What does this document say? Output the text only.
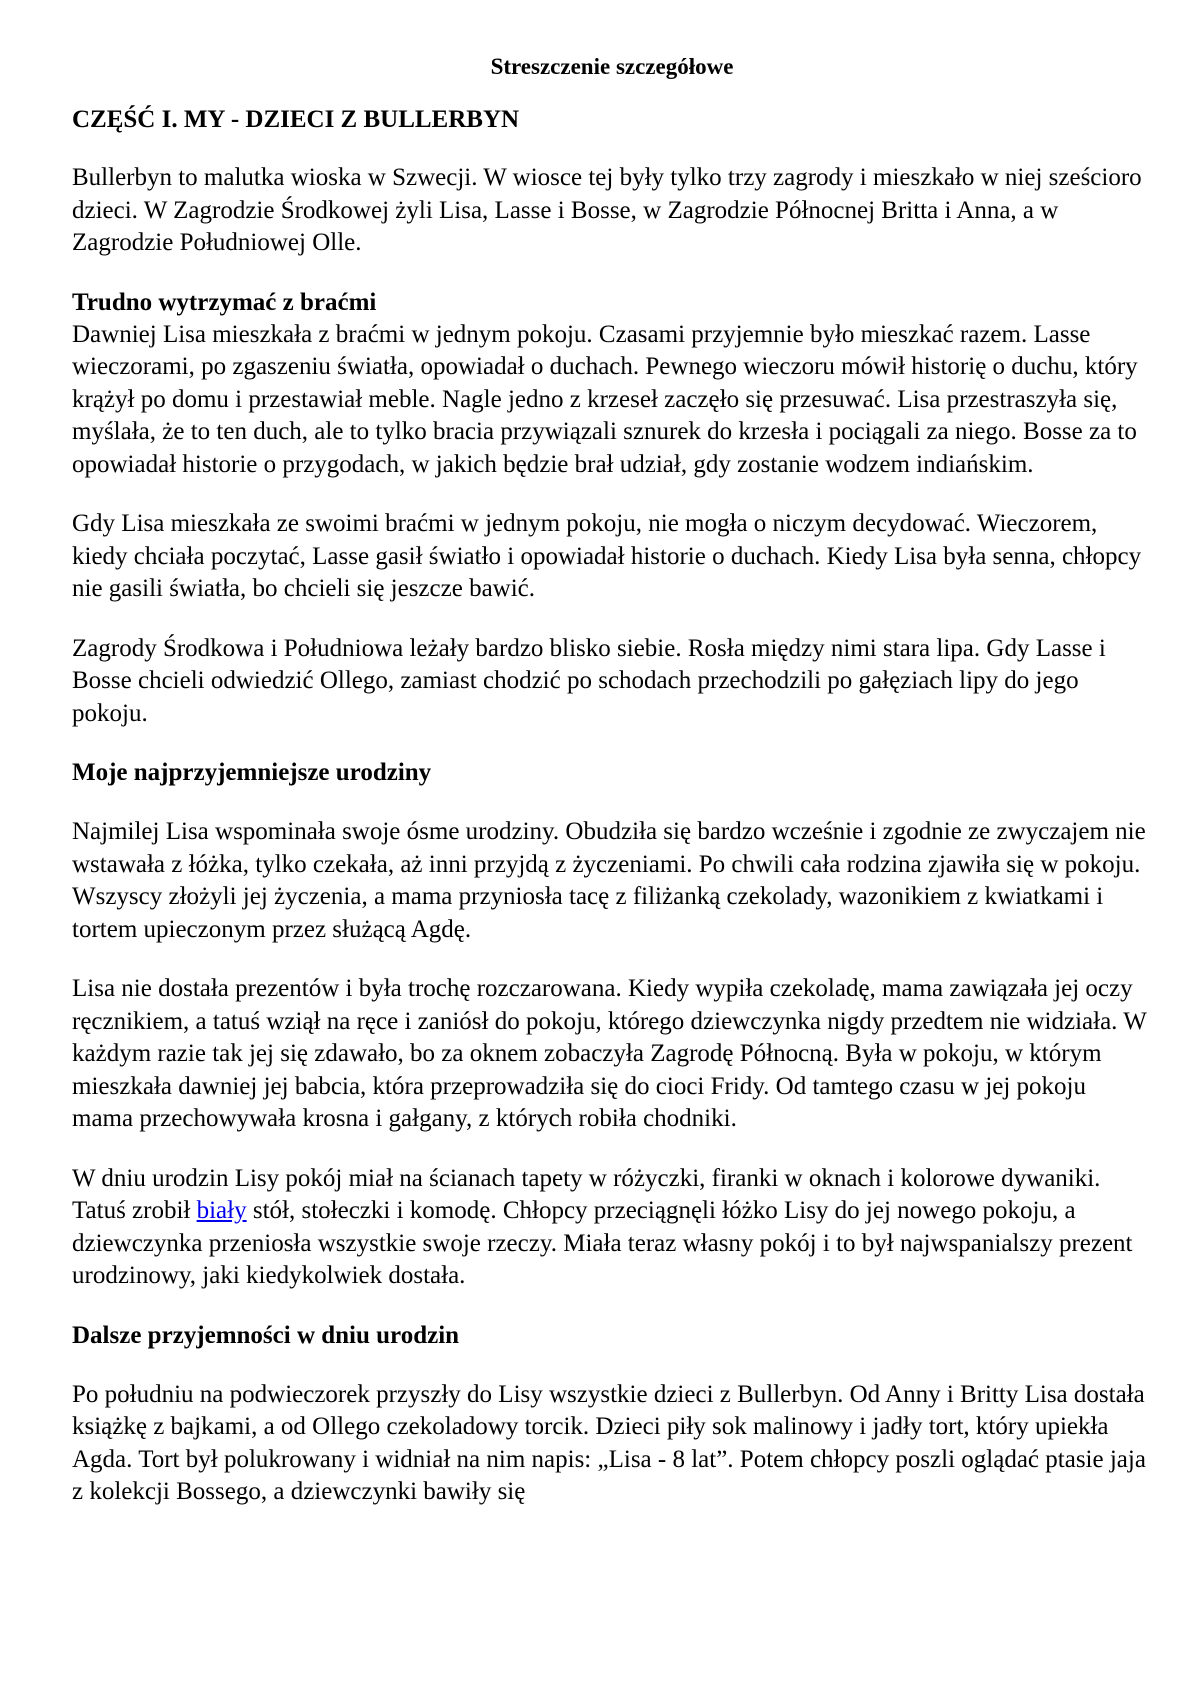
Streszczenie szczegółowe
CZĘŚĆ I. MY - DZIECI Z BULLERBYN

Bullerbyn to malutka wioska w Szwecji. W wiosce tej były tylko trzy zagrody i mieszkało w niej sześcioro dzieci. W Zagrodzie Środkowej żyli Lisa, Lasse i Bosse, w Zagrodzie Północnej Britta i Anna, a w Zagrodzie Południowej Olle.

Trudno wytrzymać z braćmi

Dawniej Lisa mieszkała z braćmi w jednym pokoju. Czasami przyjemnie było mieszkać razem. Lasse wieczorami, po zgaszeniu światła, opowiadał o duchach. Pewnego wieczoru mówił historię o duchu, który krążył po domu i przestawiał meble. Nagle jedno z krzeseł zaczęło się przesuwać. Lisa przestraszyła się, myślała, że to ten duch, ale to tylko bracia przywiązali sznurek do krzesła i pociągali za niego. Bosse za to opowiadał historie o przygodach, w jakich będzie brał udział, gdy zostanie wodzem indiańskim.

Gdy Lisa mieszkała ze swoimi braćmi w jednym pokoju, nie mogła o niczym decydować. Wieczorem, kiedy chciała poczytać, Lasse gasił światło i opowiadał historie o duchach. Kiedy Lisa była senna, chłopcy nie gasili światła, bo chcieli się jeszcze bawić.

Zagrody Środkowa i Południowa leżały bardzo blisko siebie. Rosła między nimi stara lipa. Gdy Lasse i Bosse chcieli odwiedzić Ollego, zamiast chodzić po schodach przechodzili po gałęziach lipy do jego pokoju.

Moje najprzyjemniejsze urodziny

Najmilej Lisa wspominała swoje ósme urodziny. Obudziła się bardzo wcześnie i zgodnie ze zwyczajem nie wstawała z łóżka, tylko czekała, aż inni przyjdą z życzeniami. Po chwili cała rodzina zjawiła się w pokoju. Wszyscy złożyli jej życzenia, a mama przyniosła tacę z filiżanką czekolady, wazonikiem z kwiatkami i tortem upieczonym przez służącą Agdę.

Lisa nie dostała prezentów i była trochę rozczarowana. Kiedy wypiła czekoladę, mama zawiązała jej oczy ręcznikiem, a tatuś wziął na ręce i zaniósł do pokoju, którego dziewczynka nigdy przedtem nie widziała. W każdym razie tak jej się zdawało, bo za oknem zobaczyła Zagrodę Północną. Była w pokoju, w którym mieszkała dawniej jej babcia, która przeprowadziła się do cioci Fridy. Od tamtego czasu w jej pokoju mama przechowywała krosna i gałgany, z których robiła chodniki.

W dniu urodzin Lisy pokój miał na ścianach tapety w różyczki, firanki w oknach i kolorowe dywaniki. Tatuś zrobił biały stół, stołeczki i komodę. Chłopcy przeciągnęli łóżko Lisy do jej nowego pokoju, a dziewczynka przeniosła wszystkie swoje rzeczy. Miała teraz własny pokój i to był najwspanialszy prezent urodzinowy, jaki kiedykolwiek dostała.

Dalsze przyjemności w dniu urodzin

Po południu na podwieczorek przyszły do Lisy wszystkie dzieci z Bullerbyn. Od Anny i Britty Lisa dostała książkę z bajkami, a od Ollego czekoladowy torcik. Dzieci piły sok malinowy i jadły tort, który upiekła Agda. Tort był polukrowany i widniał na nim napis: „Lisa - 8 lat”. Potem chłopcy poszli oglądać ptasie jaja z kolekcji Bossego, a dziewczynki bawiły się
